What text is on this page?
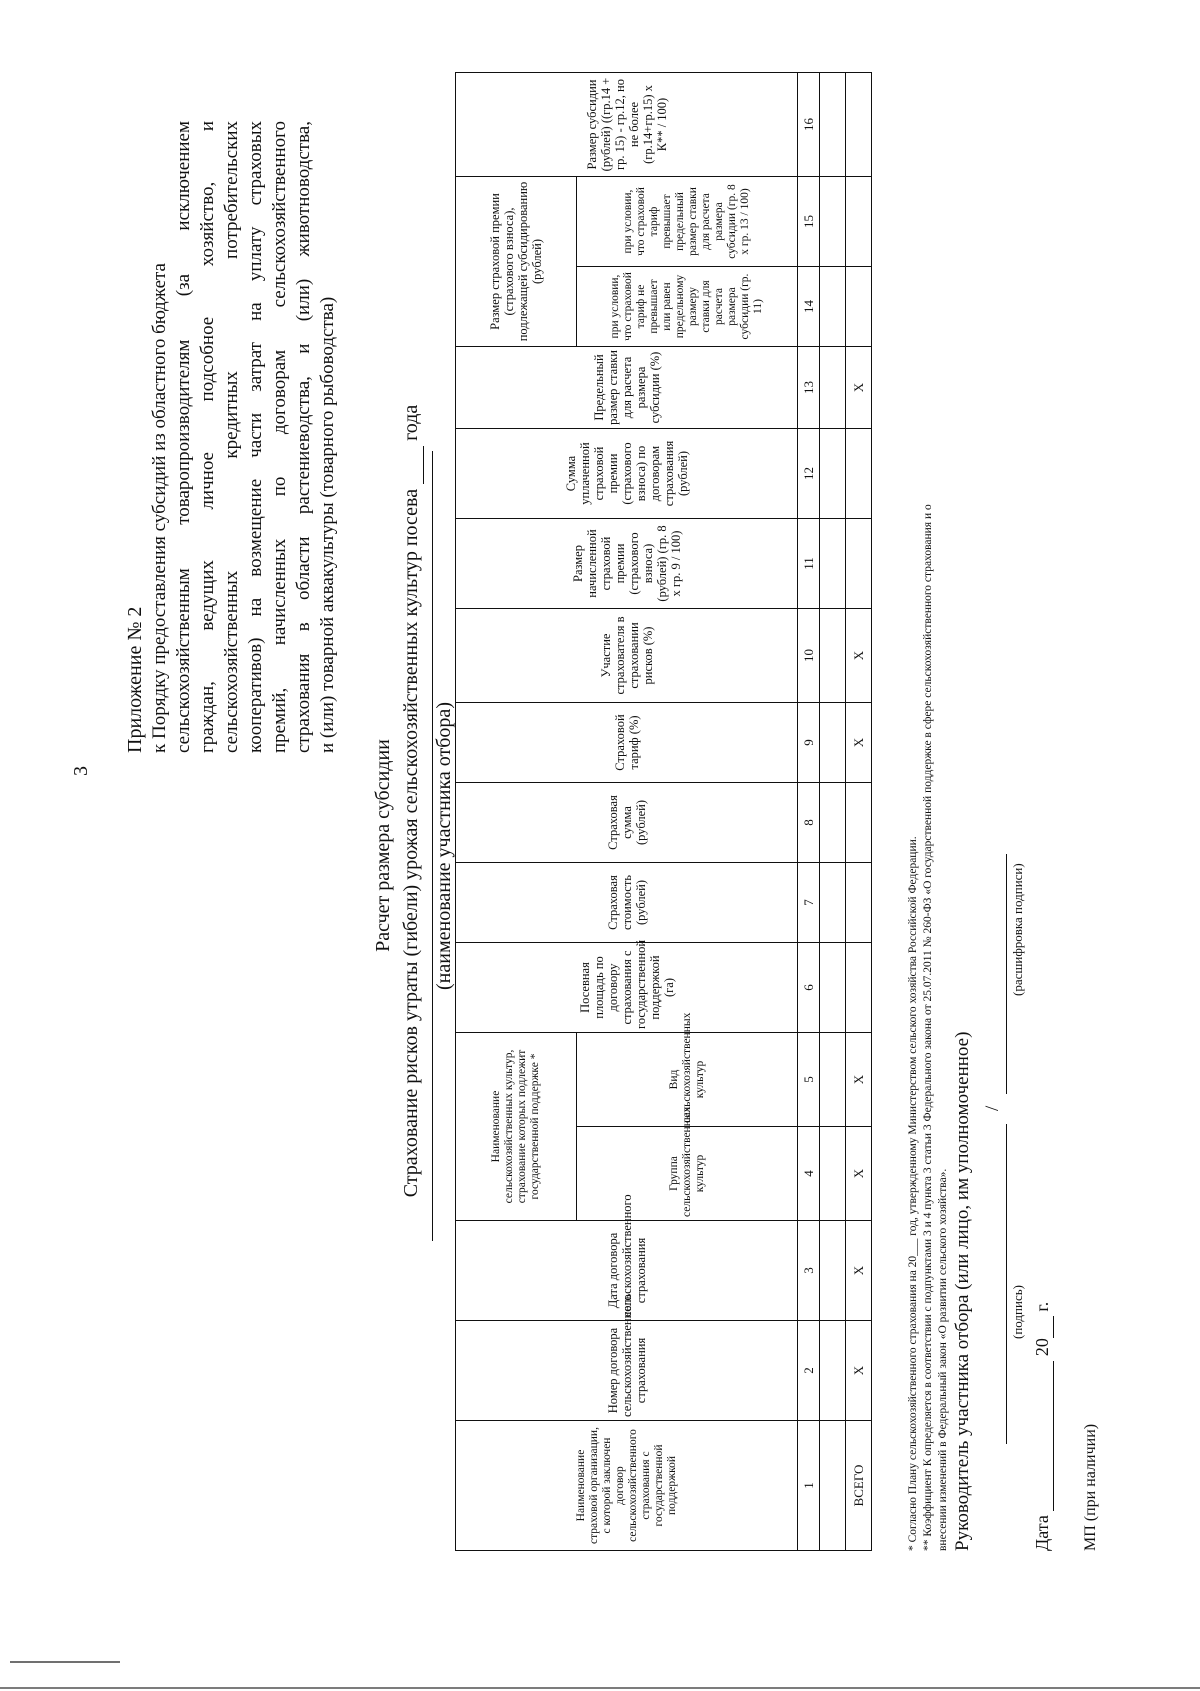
3
Приложение № 2 к Порядку предоставления субсидий из областного бюджета сельскохозяйственным товаропроизводителям (за исключением граждан, ведущих личное подсобное хозяйство, и сельскохозяйственных кредитных потребительских кооперативов) на возмещение части затрат на уплату страховых премий, начисленных по договорам сельскохозяйственного страхования в области растениеводства, и (или) животноводства, и (или) товарной аквакультуры (товарного рыбоводства)
Расчет размера субсидии Страхование рисков утраты (гибели) урожая сельскохозяйственных культур посева   года
(наименование участника отбора)
Наименование страховой организации, с которой заключен договор сельскохозяйственного страхования с государственной поддержкой	Номер договора сельскохозяйственного страхования	Дата договора сельскохозяйственного страхования	Наименование сельскохозяйственных культур, страхование которых подлежит государственной поддержке *		Посевная площадь по договору страхования с государственной поддержкой (га)	Страховая стоимость (рублей)	Страховая сумма (рублей)	Страховой тариф (%)	Участие страхователя в страховании рисков (%)	Размер начисленной страховой премии (страхового взноса) (рублей) (гр. 8 х гр. 9 / 100)	Сумма уплаченной страховой премии (страхового взноса) по договорам страхования (рублей)	Предельный размер ставки для расчета размера субсидии (%)	Размер страховой премии (страхового взноса), подлежащей субсидированию (рублей)		Размер субсидии (рублей) ((гр.14 + гр. 15) - гр.12, но не более (гр.14+гр.15) х К** / 100)
			Группа сельскохозяйственных культур	Вид сельскохозяйственных культур									при условии, что страховой тариф не превышает или равен предельному размеру ставки для расчета размера субсидии (гр. 11)	при условии, что страховой тариф превышает предельный размер ставки для расчета размера субсидии (гр. 8 х гр. 13 / 100)	
1	2	3	4	5	6	7	8	9	10	11	12	13	14	15	16

ВСЕГО	Х	Х	Х	Х				Х	Х			Х			
* Согласно Плану сельскохозяйственного страхования на 20___ год, утвержденному Министерством сельского хозяйства Российской Федерации. ** Коэффициент К определяется в соответствии с подпунктами 3 и 4 пункта 3 статьи 3 Федерального закона от 25.07.2011 № 260-ФЗ «О государственной поддержке в сфере сельскохозяйственного страхования и о внесении изменений в Федеральный закон «О развитии сельского хозяйства». Руководитель участника отбора (или лицо, им уполномоченное) /
(подпись)
(расшифровка подписи)
Дата   20  г.
МП (при наличии)
